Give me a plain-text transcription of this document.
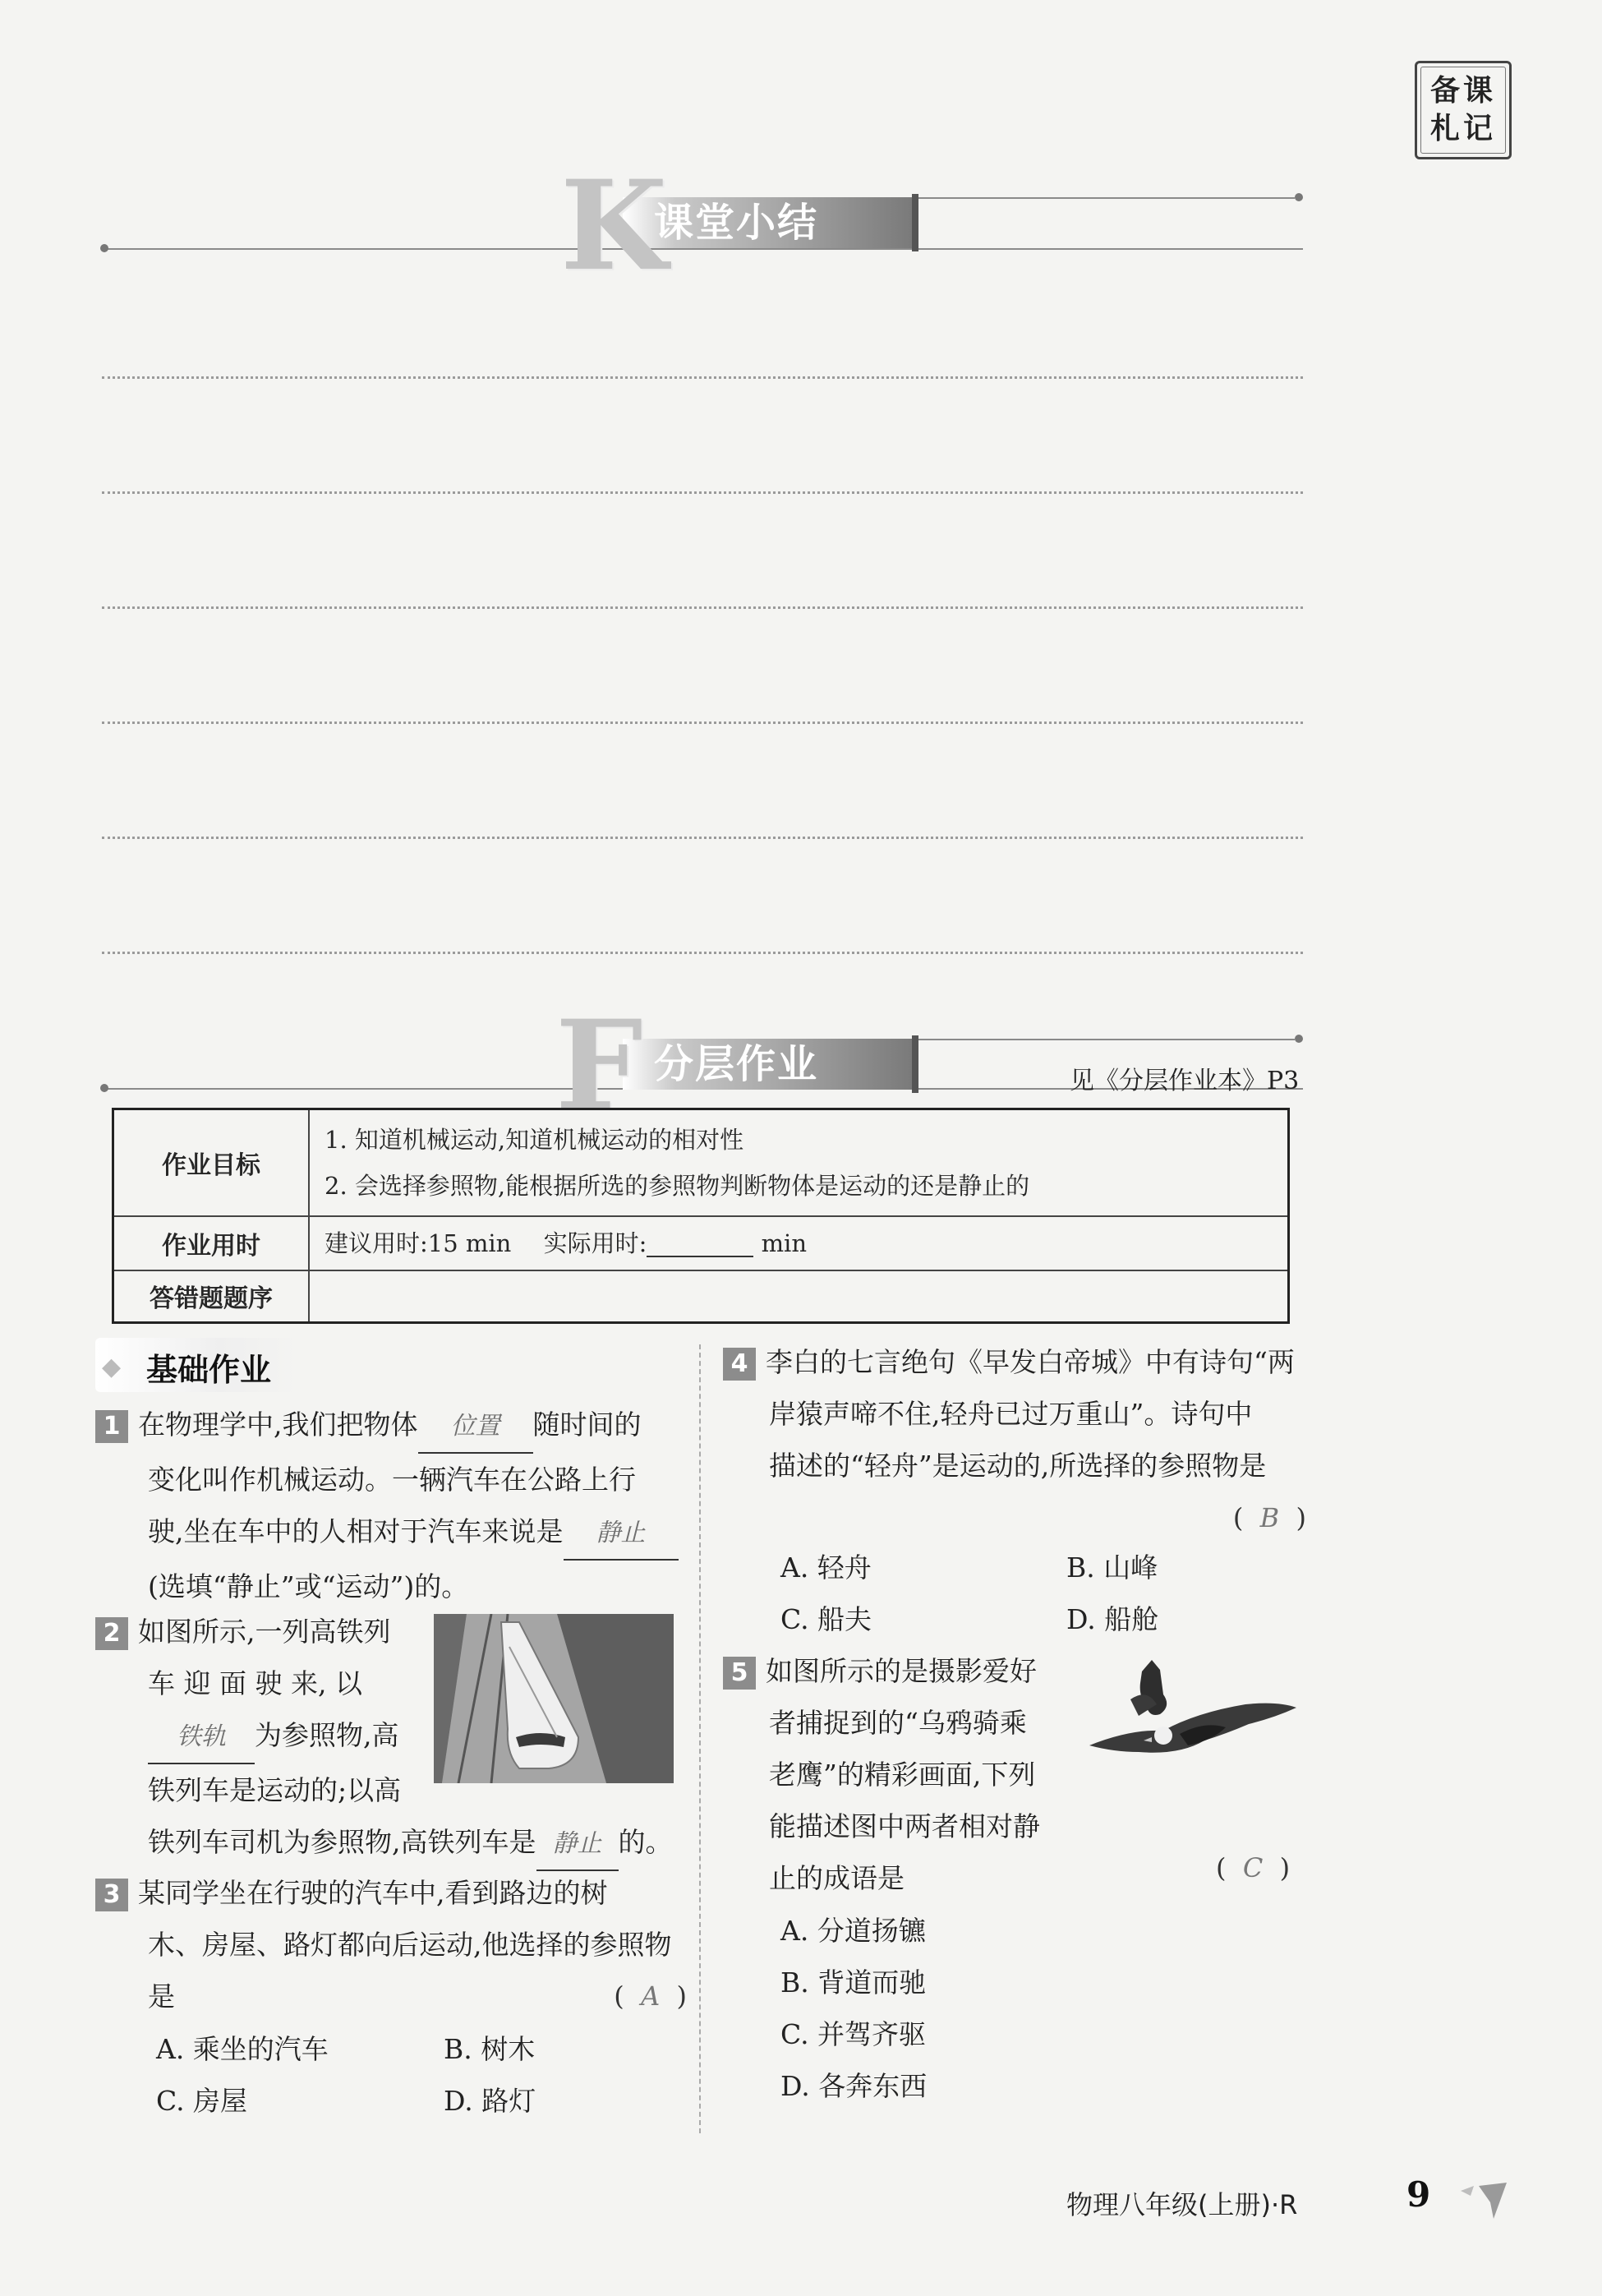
备课
札记
K
课堂小结
F 分层作业	见《分层作业本》P3
作业目标	1. 知道机械运动,知道机械运动的相对性
2. 会选择参照物,能根据所选的参照物判断物体是运动的还是静止的

作业用时	建议用时:15 min 实际用时: min
答错题题序	
◆ 基础作业
1 在物理学中,我们把物体 位置 随时间的
变化叫作机械运动。一辆汽车在公路上行
驶,坐在车中的人相对于汽车来说是 静止
(选填“静止”或“运动”)的。
2 如图所示,一列高铁列
车 迎 面 驶 来, 以
铁轨 为参照物,高
铁列车是运动的;以高
铁列车司机为参照物,高铁列车是 静止 的。
3 某同学坐在行驶的汽车中,看到路边的树
木、房屋、路灯都向后运动,他选择的参照物
是	(  A  )
A. 乘坐的汽车	B. 树木
C. 房屋	D. 路灯
4 李白的七言绝句《早发白帝城》中有诗句“两
岸猿声啼不住,轻舟已过万重山”。诗句中
描述的“轻舟”是运动的,所选择的参照物是
(  B  )
A. 轻舟	B. 山峰
C. 船夫	D. 船舱
5 如图所示的是摄影爱好
者捕捉到的“乌鸦骑乘
老鹰”的精彩画面,下列
能描述图中两者相对静
止的成语是	(  C  )
A. 分道扬镳
B. 背道而驰
C. 并驾齐驱
D. 各奔东西
物理八年级(上册)·R	9
